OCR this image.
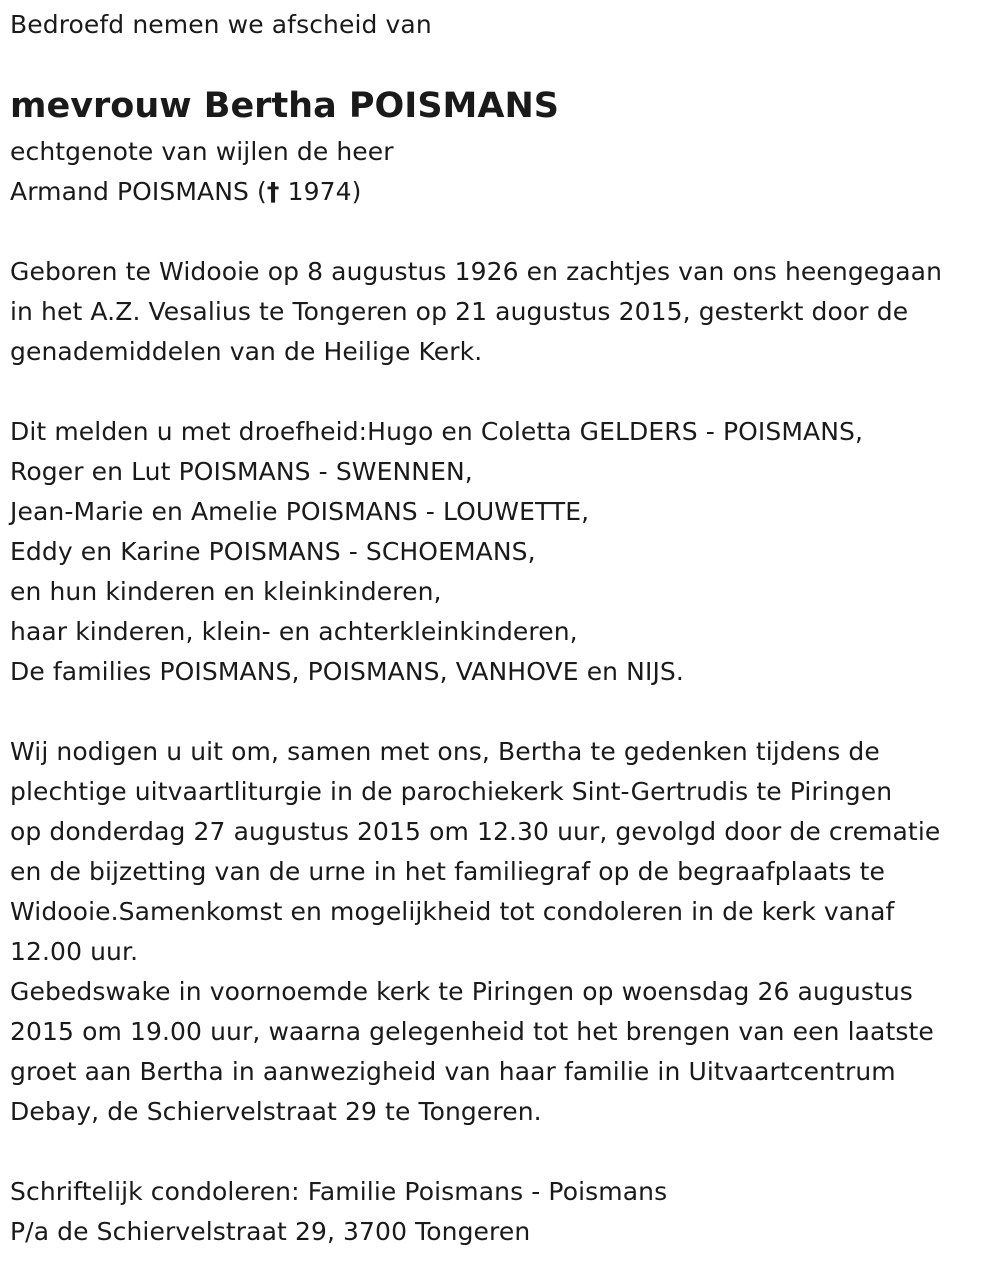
Bedroefd nemen we afscheid van
mevrouw Bertha POISMANS
echtgenote van wijlen de heer
Armand POISMANS († 1974)
Geboren te Widooie op 8 augustus 1926 en zachtjes van ons heengegaan
in het A.Z. Vesalius te Tongeren op 21 augustus 2015, gesterkt door de
genademiddelen van de Heilige Kerk.
Dit melden u met droefheid:Hugo en Coletta GELDERS - POISMANS,
Roger en Lut POISMANS - SWENNEN,
Jean-Marie en Amelie POISMANS - LOUWETTE,
Eddy en Karine POISMANS - SCHOEMANS,
en hun kinderen en kleinkinderen,
haar kinderen, klein- en achterkleinkinderen,
De families POISMANS, POISMANS, VANHOVE en NIJS.
Wij nodigen u uit om, samen met ons, Bertha te gedenken tijdens de
plechtige uitvaartliturgie in de parochiekerk Sint-Gertrudis te Piringen
op donderdag 27 augustus 2015 om 12.30 uur, gevolgd door de crematie
en de bijzetting van de urne in het familiegraf op de begraafplaats te
Widooie.Samenkomst en mogelijkheid tot condoleren in de kerk vanaf
12.00 uur.
Gebedswake in voornoemde kerk te Piringen op woensdag 26 augustus
2015 om 19.00 uur, waarna gelegenheid tot het brengen van een laatste
groet aan Bertha in aanwezigheid van haar familie in Uitvaartcentrum
Debay, de Schiervelstraat 29 te Tongeren.
Schriftelijk condoleren: Familie Poismans - Poismans
P/a de Schiervelstraat 29, 3700 Tongeren
